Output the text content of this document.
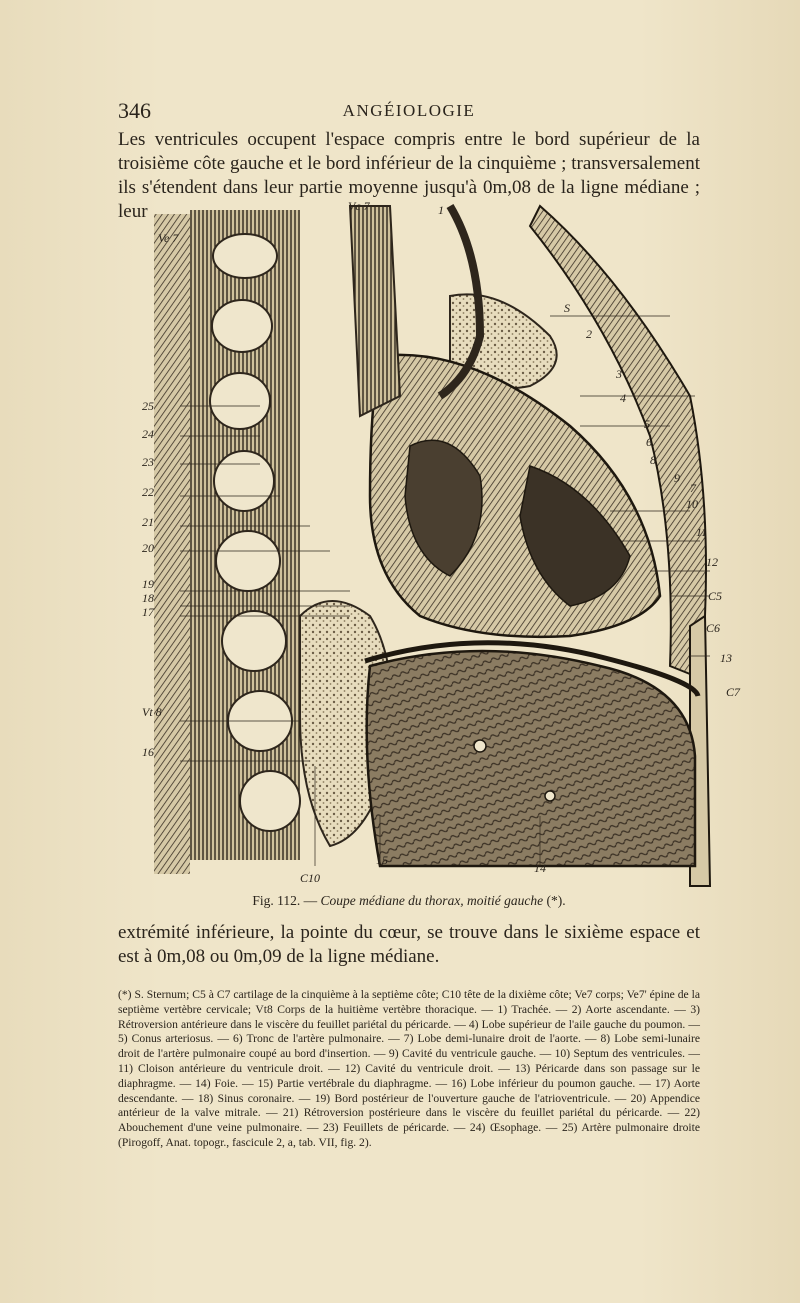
346	ANGÉIOLOGIE

Les ventricules occupent l'espace compris entre le bord supérieur de la troisième côte gauche et le bord inférieur de la cinquième ; transversalement ils s'étendent dans leur partie moyenne jusqu'à 0m,08 de la ligne médiane ; leur

Ve 7
Vc 7	1
25
24
23
22
21
20
19
18
17
Vt 8
16
S
2
3
4
5
6
8
9
7
10
11
12
C5
C6
13
C7
C10
15
14

Fig. 112. — Coupe médiane du thorax, moitié gauche (*).

extrémité inférieure, la pointe du cœur, se trouve dans le sixième espace et est à 0m,08 ou 0m,09 de la ligne médiane.

(*) S. Sternum; C5 à C7 cartilage de la cinquième à la septième côte; C10 tête de la dixième côte; Ve7 corps; Ve7' épine de la septième vertèbre cervicale; Vt8 Corps de la huitième vertèbre thoracique. — 1) Trachée. — 2) Aorte ascendante. — 3) Rétroversion antérieure dans le viscère du feuillet pariétal du péricarde. — 4) Lobe supérieur de l'aile gauche du poumon. — 5) Conus arteriosus. — 6) Tronc de l'artère pulmonaire. — 7) Lobe demi-lunaire droit de l'aorte. — 8) Lobe semi-lunaire droit de l'artère pulmonaire coupé au bord d'insertion. — 9) Cavité du ventricule gauche. — 10) Septum des ventricules. — 11) Cloison antérieure du ventricule droit. — 12) Cavité du ventricule droit. — 13) Péricarde dans son passage sur le diaphragme. — 14) Foie. — 15) Partie vertébrale du diaphragme. — 16) Lobe inférieur du poumon gauche. — 17) Aorte descendante. — 18) Sinus coronaire. — 19) Bord postérieur de l'ouverture gauche de l'atrioventricule. — 20) Appendice antérieur de la valve mitrale. — 21) Rétroversion postérieure dans le viscère du feuillet pariétal du péricarde. — 22) Abouchement d'une veine pulmonaire. — 23) Feuillets de péricarde. — 24) Œsophage. — 25) Artère pulmonaire droite (Pirogoff, Anat. topogr., fascicule 2, a, tab. VII, fig. 2).
